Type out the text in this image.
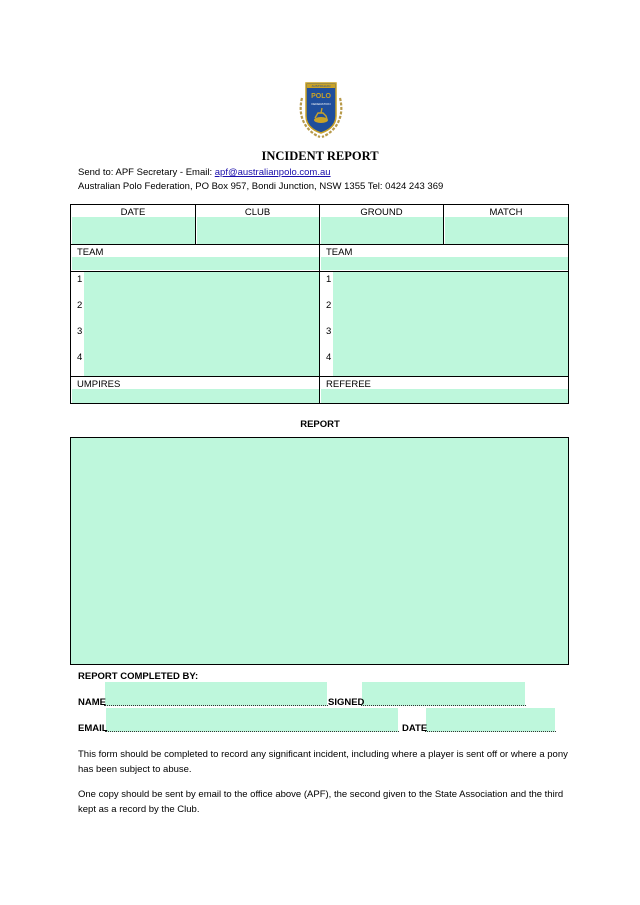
AUSTRALIAN
POLO
FEDERATION
INCIDENT REPORT
Send to: APF Secretary - Email: apf@australianpolo.com.au
Australian Polo Federation, PO Box 957, Bondi Junction, NSW 1355 Tel: 0424 243 369
DATE	CLUB	GROUND	MATCH
TEAM	TEAM
1
2
3
4
1
2
3
4
UMPIRES	REFEREE
REPORT
REPORT COMPLETED BY:
NAME	SIGNED
EMAIL	DATE
This form should be completed to record any significant incident, including where a player is sent off or where a pony has been subject to abuse.
One copy should be sent by email to the office above (APF), the second given to the State Association and the third kept as a record by the Club.
